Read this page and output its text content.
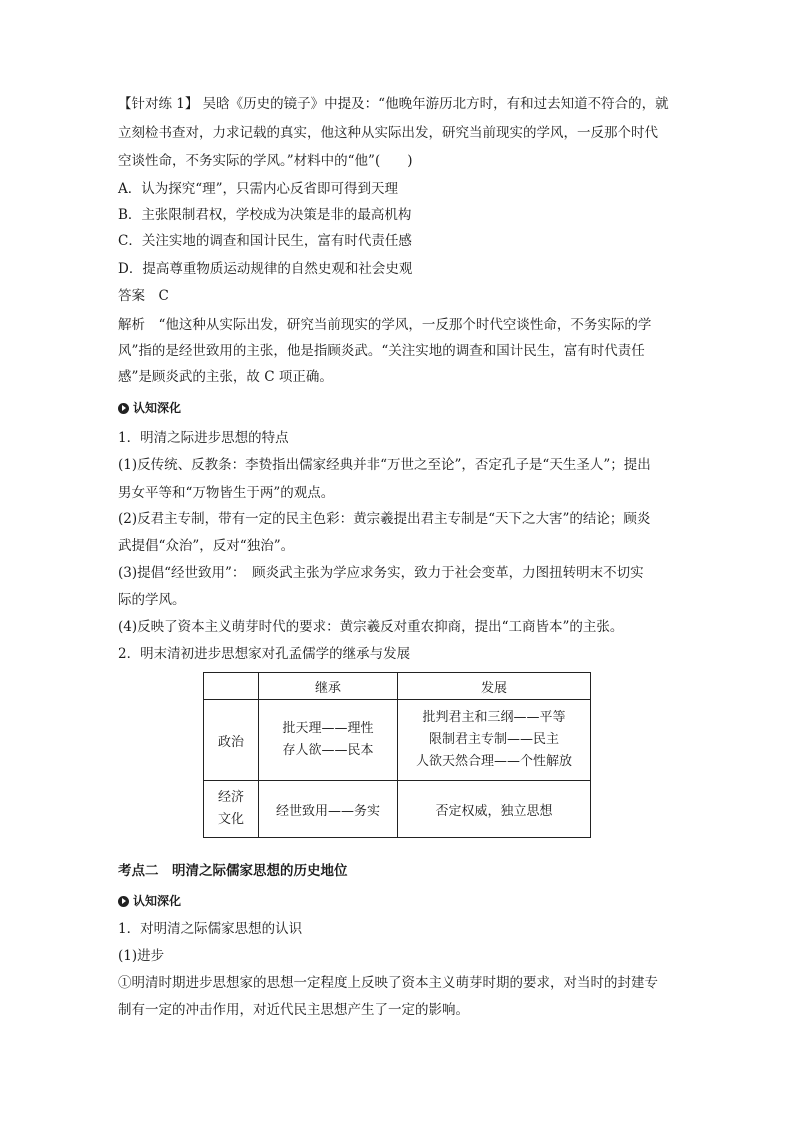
【针对练 1】 吴晗《历史的镜子》中提及：“他晚年游历北方时，有和过去知道不符合的，就
立刻检书查对，力求记载的真实，他这种从实际出发，研究当前现实的学风，一反那个时代
空谈性命，不务实际的学风。”材料中的“他”(　　)
A．认为探究“理”，只需内心反省即可得到天理
B．主张限制君权，学校成为决策是非的最高机构
C．关注实地的调查和国计民生，富有时代责任感
D．提高尊重物质运动规律的自然史观和社会史观
答案　C
解析　“他这种从实际出发，研究当前现实的学风，一反那个时代空谈性命，不务实际的学
风”指的是经世致用的主张，他是指顾炎武。“关注实地的调查和国计民生，富有时代责任
感”是顾炎武的主张，故 C 项正确。
认知深化
1．明清之际进步思想的特点
(1)反传统、反教条：李贽指出儒家经典并非“万世之至论”，否定孔子是“天生圣人”；提出
男女平等和“万物皆生于两”的观点。
(2)反君主专制，带有一定的民主色彩：黄宗羲提出君主专制是“天下之大害”的结论；顾炎
武提倡“众治”，反对“独治”。
(3)提倡“经世致用”：　顾炎武主张为学应求务实，致力于社会变革，力图扭转明末不切实
际的学风。
(4)反映了资本主义萌芽时代的要求：黄宗羲反对重农抑商，提出“工商皆本”的主张。
2．明末清初进步思想家对孔孟儒学的继承与发展
	继承	发展
政治	批天理——理性
存人欲——民本	批判君主和三纲——平等
限制君主专制——民主
人欲天然合理——个性解放

经济
文化	经世致用——务实	否定权威，独立思想
考点二　明清之际儒家思想的历史地位
认知深化
1．对明清之际儒家思想的认识
(1)进步
①明清时期进步思想家的思想一定程度上反映了资本主义萌芽时期的要求，对当时的封建专
制有一定的冲击作用，对近代民主思想产生了一定的影响。
